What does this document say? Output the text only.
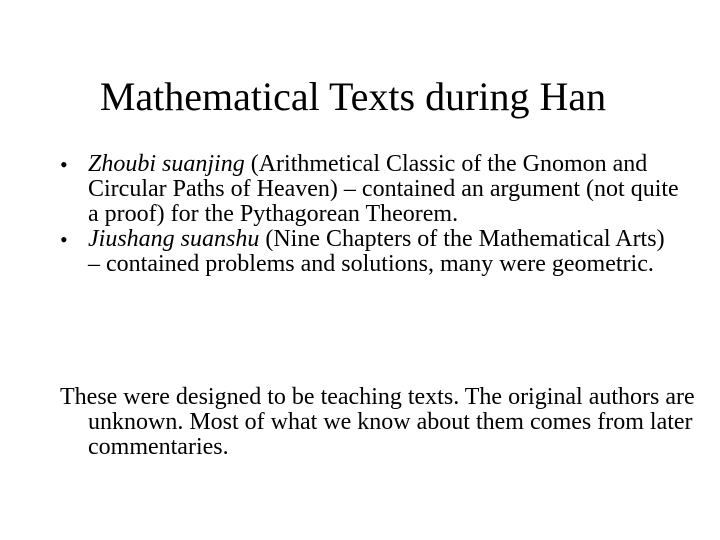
Mathematical Texts during Han
• Zhoubi suanjing (Arithmetical Classic of the Gnomon and Circular Paths of Heaven) – contained an argument (not quite a proof) for the Pythagorean Theorem.
• Jiushang suanshu (Nine Chapters of the Mathematical Arts) – contained problems and solutions, many were geometric.

These were designed to be teaching texts. The original authors are unknown. Most of what we know about them comes from later commentaries.
